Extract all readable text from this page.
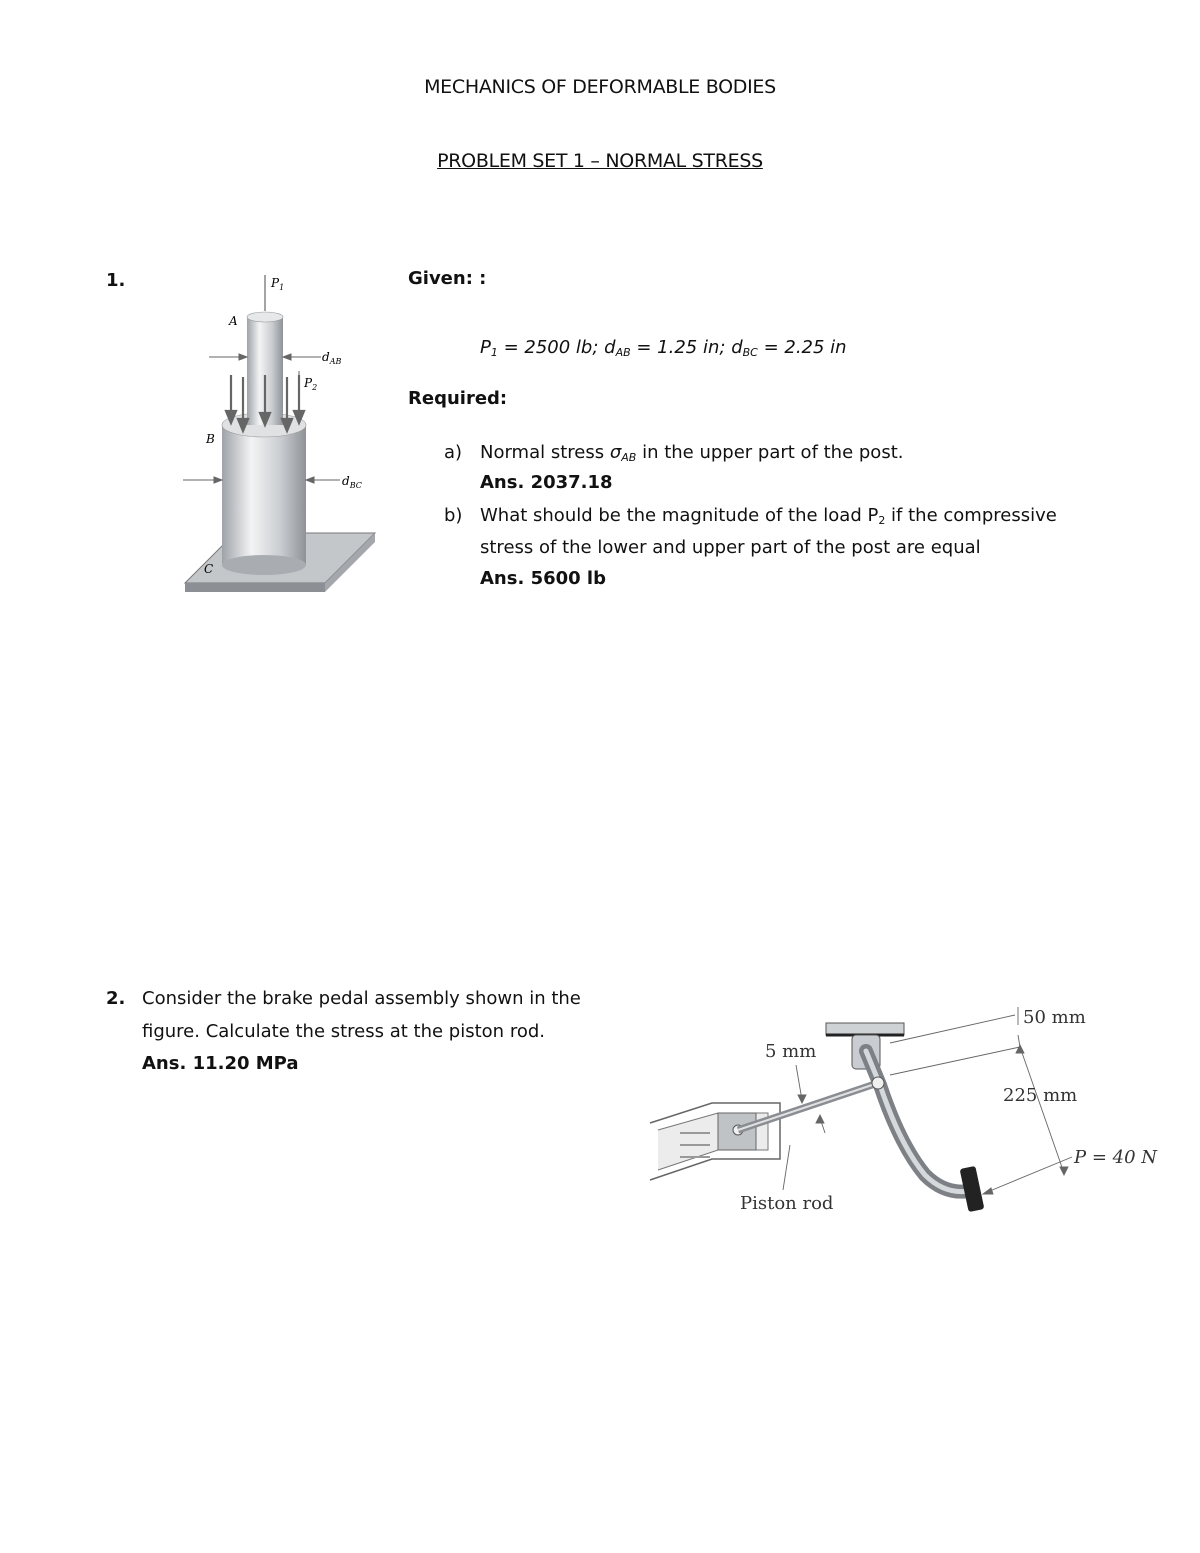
MECHANICS OF DEFORMABLE BODIES
PROBLEM SET 1 – NORMAL STRESS
1.	$P_1$
A
$d_{AB}$
$P_2$
B
$d_{BC}$
C
Given: :
$P_1 = 2500$ lb; $d_{AB} = 1.25$ in; $d_{BC} = 2.25$ in
Required:
a) Normal stress $\sigma_{AB}$ in the upper part of the post.
Ans. 2037.18
b) What should be the magnitude of the load $P_2$ if the compressive
stress of the lower and upper part of the post are equal
Ans. 5600 lb
2. Consider the brake pedal assembly shown in the
figure. Calculate the stress at the piston rod.
Ans. 11.20 MPa
5 mm
50 mm
225 mm
P = 40 N
Piston rod
